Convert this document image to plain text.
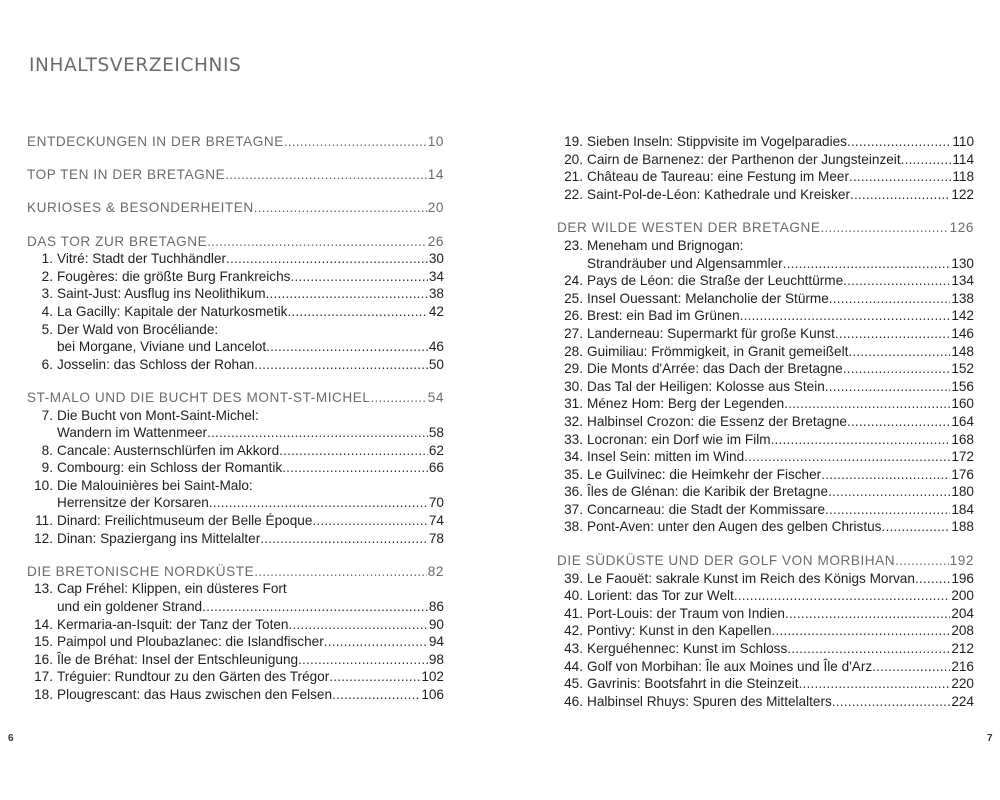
INHALTSVERZEICHNIS
ENTDECKUNGEN IN DER BRETAGNE .....	10
TOP TEN IN DER BRETAGNE .....	14
KURIOSES & BESONDERHEITEN .....	20
DAS TOR ZUR BRETAGNE .....	26
1. Vitré: Stadt der Tuchhändler .....	30
2. Fougères: die größte Burg Frankreichs .....	34
3. Saint-Just: Ausflug ins Neolithikum .....	38
4. La Gacilly: Kapitale der Naturkosmetik .....	42
5. Der Wald von Brocéliande:
bei Morgane, Viviane und Lancelot .....	46
6. Josselin: das Schloss der Rohan .....	50
ST-MALO UND DIE BUCHT DES MONT-ST-MICHEL .....	54
7. Die Bucht von Mont-Saint-Michel:
Wandern im Wattenmeer .....	58
8. Cancale: Austernschlürfen im Akkord .....	62
9. Combourg: ein Schloss der Romantik .....	66
10. Die Malouinières bei Saint-Malo:
Herrensitze der Korsaren .....	70
11. Dinard: Freilichtmuseum der Belle Époque .....	74
12. Dinan: Spaziergang ins Mittelalter .....	78
DIE BRETONISCHE NORDKÜSTE .....	82
13. Cap Fréhel: Klippen, ein düsteres Fort
und ein goldener Strand .....	86
14. Kermaria-an-Isquit: der Tanz der Toten .....	90
15. Paimpol und Ploubazlanec: die Islandfischer .....	94
16. Île de Bréhat: Insel der Entschleunigung .....	98
17. Tréguier: Rundtour zu den Gärten des Trégor .....	102
18. Plougrescant: das Haus zwischen den Felsen .....	106
19. Sieben Inseln: Stippvisite im Vogelparadies .....	110
20. Cairn de Barnenez: der Parthenon der Jungsteinzeit .....	114
21. Château de Taureau: eine Festung im Meer .....	118
22. Saint-Pol-de-Léon: Kathedrale und Kreisker .....	122
DER WILDE WESTEN DER BRETAGNE .....	126
23. Meneham und Brignogan:
Strandräuber und Algensammler .....	130
24. Pays de Léon: die Straße der Leuchttürme .....	134
25. Insel Ouessant: Melancholie der Stürme .....	138
26. Brest: ein Bad im Grünen .....	142
27. Landerneau: Supermarkt für große Kunst .....	146
28. Guimiliau: Frömmigkeit, in Granit gemeißelt .....	148
29. Die Monts d'Arrée: das Dach der Bretagne .....	152
30. Das Tal der Heiligen: Kolosse aus Stein .....	156
31. Ménez Hom: Berg der Legenden .....	160
32. Halbinsel Crozon: die Essenz der Bretagne .....	164
33. Locronan: ein Dorf wie im Film .....	168
34. Insel Sein: mitten im Wind .....	172
35. Le Guilvinec: die Heimkehr der Fischer .....	176
36. Îles de Glénan: die Karibik der Bretagne .....	180
37. Concarneau: die Stadt der Kommissare .....	184
38. Pont-Aven: unter den Augen des gelben Christus .....	188
DIE SÜDKÜSTE UND DER GOLF VON MORBIHAN .....	192
39. Le Faouët: sakrale Kunst im Reich des Königs Morvan .....	196
40. Lorient: das Tor zur Welt .....	200
41. Port-Louis: der Traum von Indien .....	204
42. Pontivy: Kunst in den Kapellen .....	208
43. Kerguéhennec: Kunst im Schloss .....	212
44. Golf von Morbihan: Île aux Moines und Île d'Arz .....	216
45. Gavrinis: Bootsfahrt in die Steinzeit .....	220
46. Halbinsel Rhuys: Spuren des Mittelalters .....	224
6	7
